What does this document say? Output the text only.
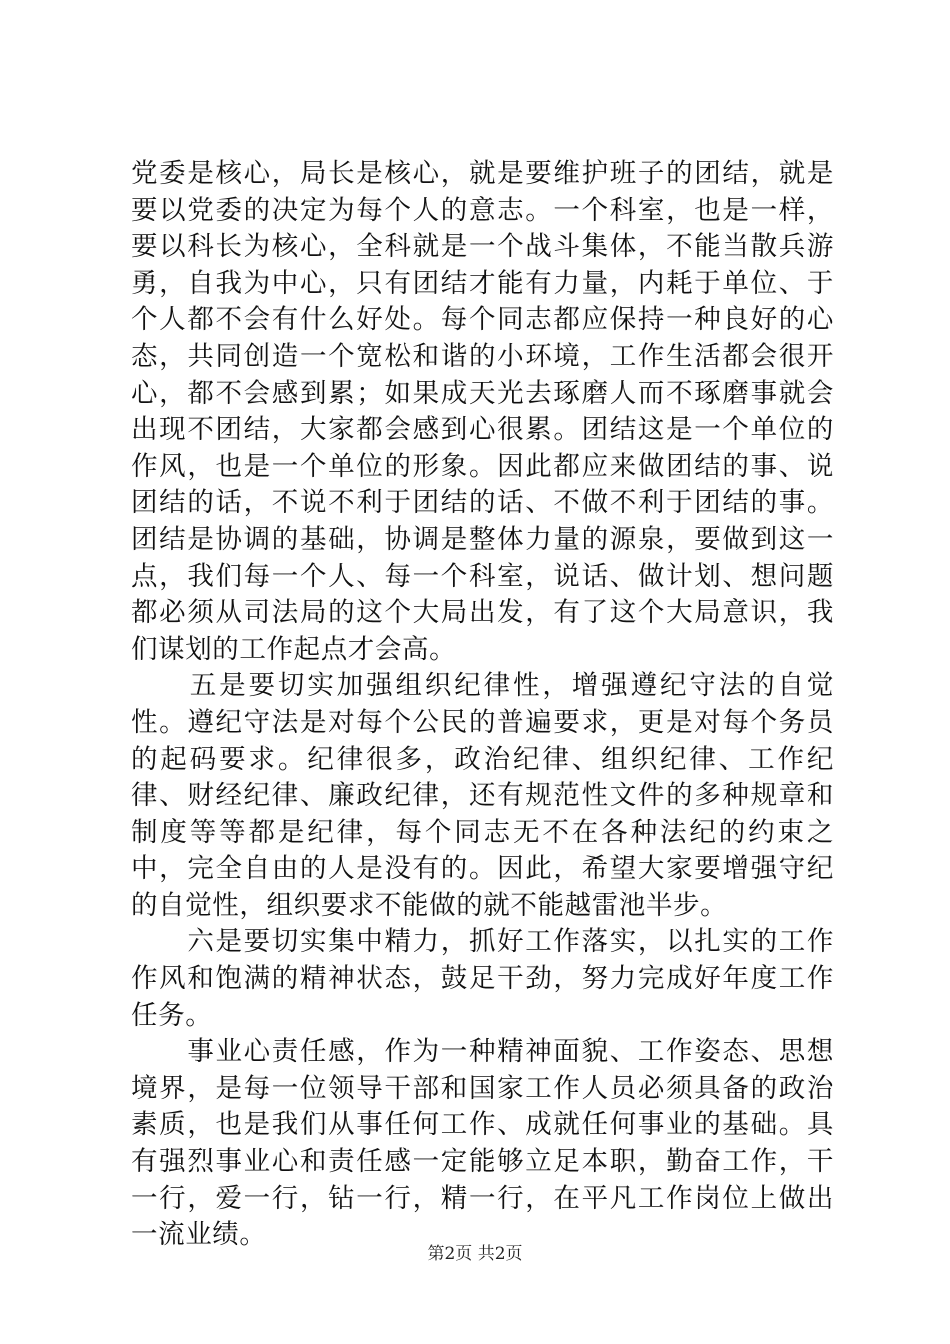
党委是核心，局长是核心，就是要维护班子的团结，就是要以党委的决定为每个人的意志。一个科室，也是一样，要以科长为核心，全科就是一个战斗集体，不能当散兵游勇，自我为中心，只有团结才能有力量，内耗于单位、于个人都不会有什么好处。每个同志都应保持一种良好的心态，共同创造一个宽松和谐的小环境，工作生活都会很开心，都不会感到累；如果成天光去琢磨人而不琢磨事就会出现不团结，大家都会感到心很累。团结这是一个单位的作风，也是一个单位的形象。因此都应来做团结的事、说团结的话，不说不利于团结的话、不做不利于团结的事。团结是协调的基础，协调是整体力量的源泉，要做到这一点，我们每一个人、每一个科室，说话、做计划、想问题都必须从司法局的这个大局出发，有了这个大局意识，我们谋划的工作起点才会高。

　　五是要切实加强组织纪律性，增强遵纪守法的自觉性。遵纪守法是对每个公民的普遍要求，更是对每个务员的起码要求。纪律很多，政治纪律、组织纪律、工作纪律、财经纪律、廉政纪律，还有规范性文件的多种规章和制度等等都是纪律，每个同志无不在各种法纪的约束之中，完全自由的人是没有的。因此，希望大家要增强守纪的自觉性，组织要求不能做的就不能越雷池半步。

　　六是要切实集中精力，抓好工作落实，以扎实的工作作风和饱满的精神状态，鼓足干劲，努力完成好年度工作任务。

　　事业心责任感，作为一种精神面貌、工作姿态、思想境界，是每一位领导干部和国家工作人员必须具备的政治素质，也是我们从事任何工作、成就任何事业的基础。具有强烈事业心和责任感一定能够立足本职，勤奋工作，干一行，爱一行，钻一行，精一行，在平凡工作岗位上做出一流业绩。

第2页 共2页
